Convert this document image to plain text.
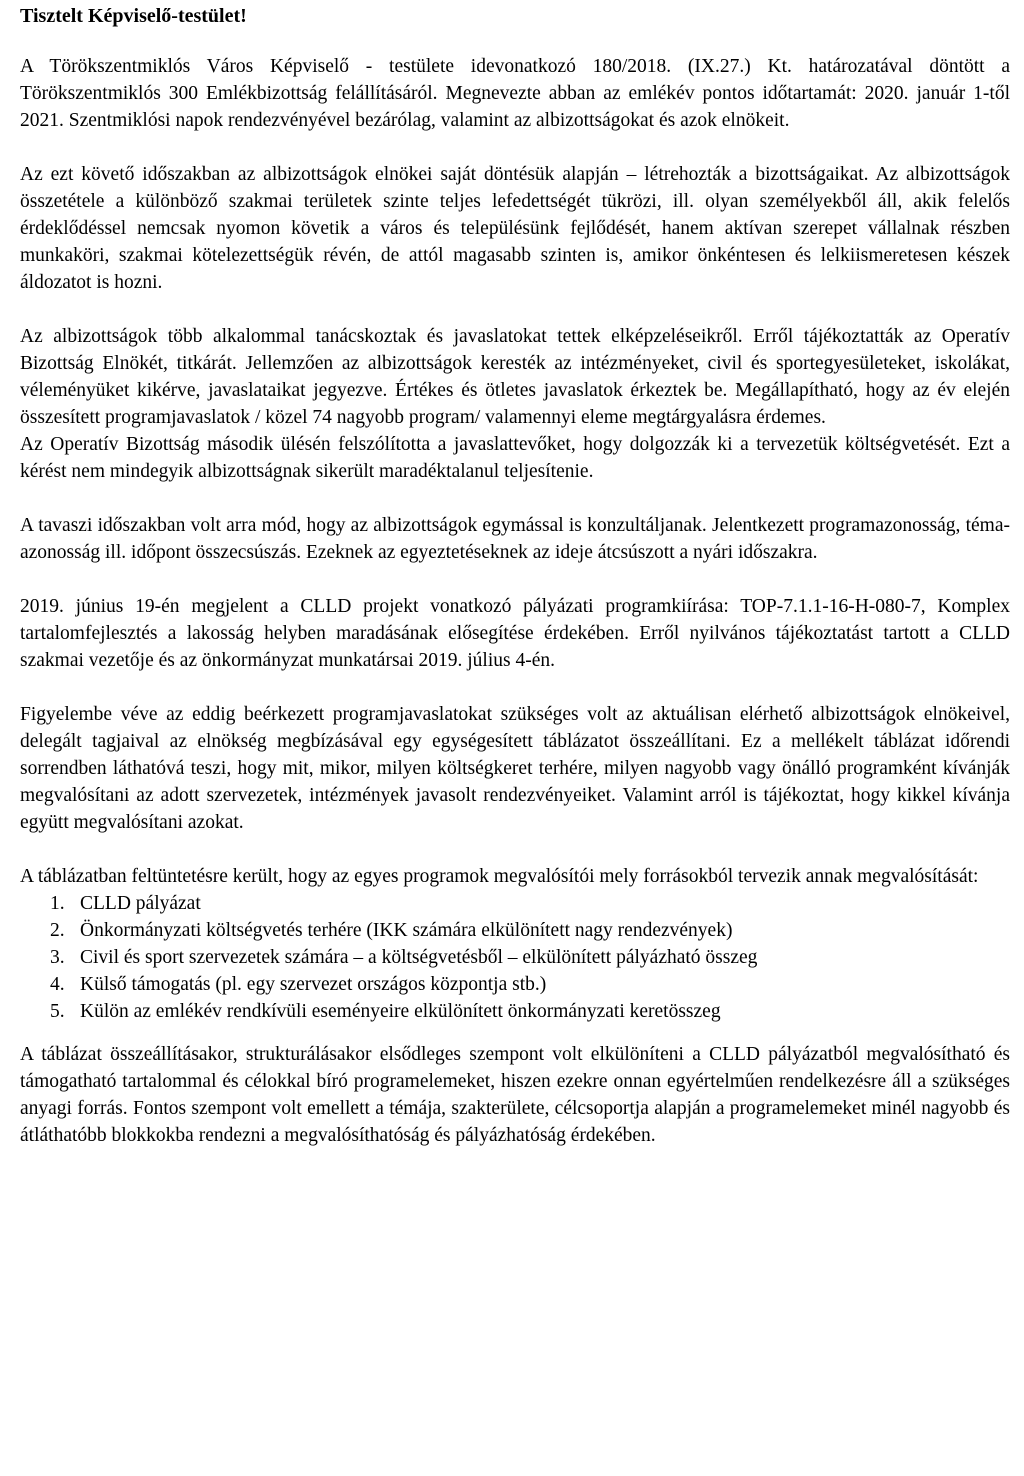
Tisztelt Képviselő-testület!

A Törökszentmiklós Város Képviselő - testülete idevonatkozó 180/2018. (IX.27.) Kt. határozatával döntött a Törökszentmiklós 300 Emlékbizottság felállításáról. Megnevezte abban az emlékév pontos időtartamát: 2020. január 1-től 2021. Szentmiklósi napok rendezvényével bezárólag, valamint az albizottságokat és azok elnökeit.

Az ezt követő időszakban az albizottságok elnökei saját döntésük alapján – létrehozták a bizottságaikat. Az albizottságok összetétele a különböző szakmai területek szinte teljes lefedettségét tükrözi, ill. olyan személyekből áll, akik felelős érdeklődéssel nemcsak nyomon követik a város és településünk fejlődését, hanem aktívan szerepet vállalnak részben munkaköri, szakmai kötelezettségük révén, de attól magasabb szinten is, amikor önkéntesen és lelkiismeretesen készek áldozatot is hozni.

Az albizottságok több alkalommal tanácskoztak és javaslatokat tettek elképzeléseikről. Erről tájékoztatták az Operatív Bizottság Elnökét, titkárát. Jellemzően az albizottságok keresték az intézményeket, civil és sportegyesületeket, iskolákat, véleményüket kikérve, javaslataikat jegyezve. Értékes és ötletes javaslatok érkeztek be. Megállapítható, hogy az év elején összesített programjavaslatok / közel 74 nagyobb program/ valamennyi eleme megtárgyalásra érdemes.

Az Operatív Bizottság második ülésén felszólította a javaslattevőket, hogy dolgozzák ki a tervezetük költségvetését. Ezt a kérést nem mindegyik albizottságnak sikerült maradéktalanul teljesítenie.

A tavaszi időszakban volt arra mód, hogy az albizottságok egymással is konzultáljanak. Jelentkezett programazonosság, téma-azonosság ill. időpont összecsúszás. Ezeknek az egyeztetéseknek az ideje átcsúszott a nyári időszakra.

2019. június 19-én megjelent a CLLD projekt vonatkozó pályázati programkiírása: TOP-7.1.1-16-H-080-7, Komplex tartalomfejlesztés a lakosság helyben maradásának elősegítése érdekében. Erről nyilvános tájékoztatást tartott a CLLD szakmai vezetője és az önkormányzat munkatársai 2019. július 4-én.

Figyelembe véve az eddig beérkezett programjavaslatokat szükséges volt az aktuálisan elérhető albizottságok elnökeivel, delegált tagjaival az elnökség megbízásával egy egységesített táblázatot összeállítani. Ez a mellékelt táblázat időrendi sorrendben láthatóvá teszi, hogy mit, mikor, milyen költségkeret terhére, milyen nagyobb vagy önálló programként kívánják megvalósítani az adott szervezetek, intézmények javasolt rendezvényeiket. Valamint arról is tájékoztat, hogy kikkel kívánja együtt megvalósítani azokat.

A táblázatban feltüntetésre került, hogy az egyes programok megvalósítói mely forrásokból tervezik annak megvalósítását:

1. CLLD pályázat
2. Önkormányzati költségvetés terhére (IKK számára elkülönített nagy rendezvények)
3. Civil és sport szervezetek számára – a költségvetésből – elkülönített pályázható összeg
4. Külső támogatás (pl. egy szervezet országos központja stb.)
5. Külön az emlékév rendkívüli eseményeire elkülönített önkormányzati keretösszeg

A táblázat összeállításakor, strukturálásakor elsődleges szempont volt elkülöníteni a CLLD pályázatból megvalósítható és támogatható tartalommal és célokkal bíró programelemeket, hiszen ezekre onnan egyértelműen rendelkezésre áll a szükséges anyagi forrás. Fontos szempont volt emellett a témája, szakterülete, célcsoportja alapján a programelemeket minél nagyobb és átláthatóbb blokkokba rendezni a megvalósíthatóság és pályázhatóság érdekében.
